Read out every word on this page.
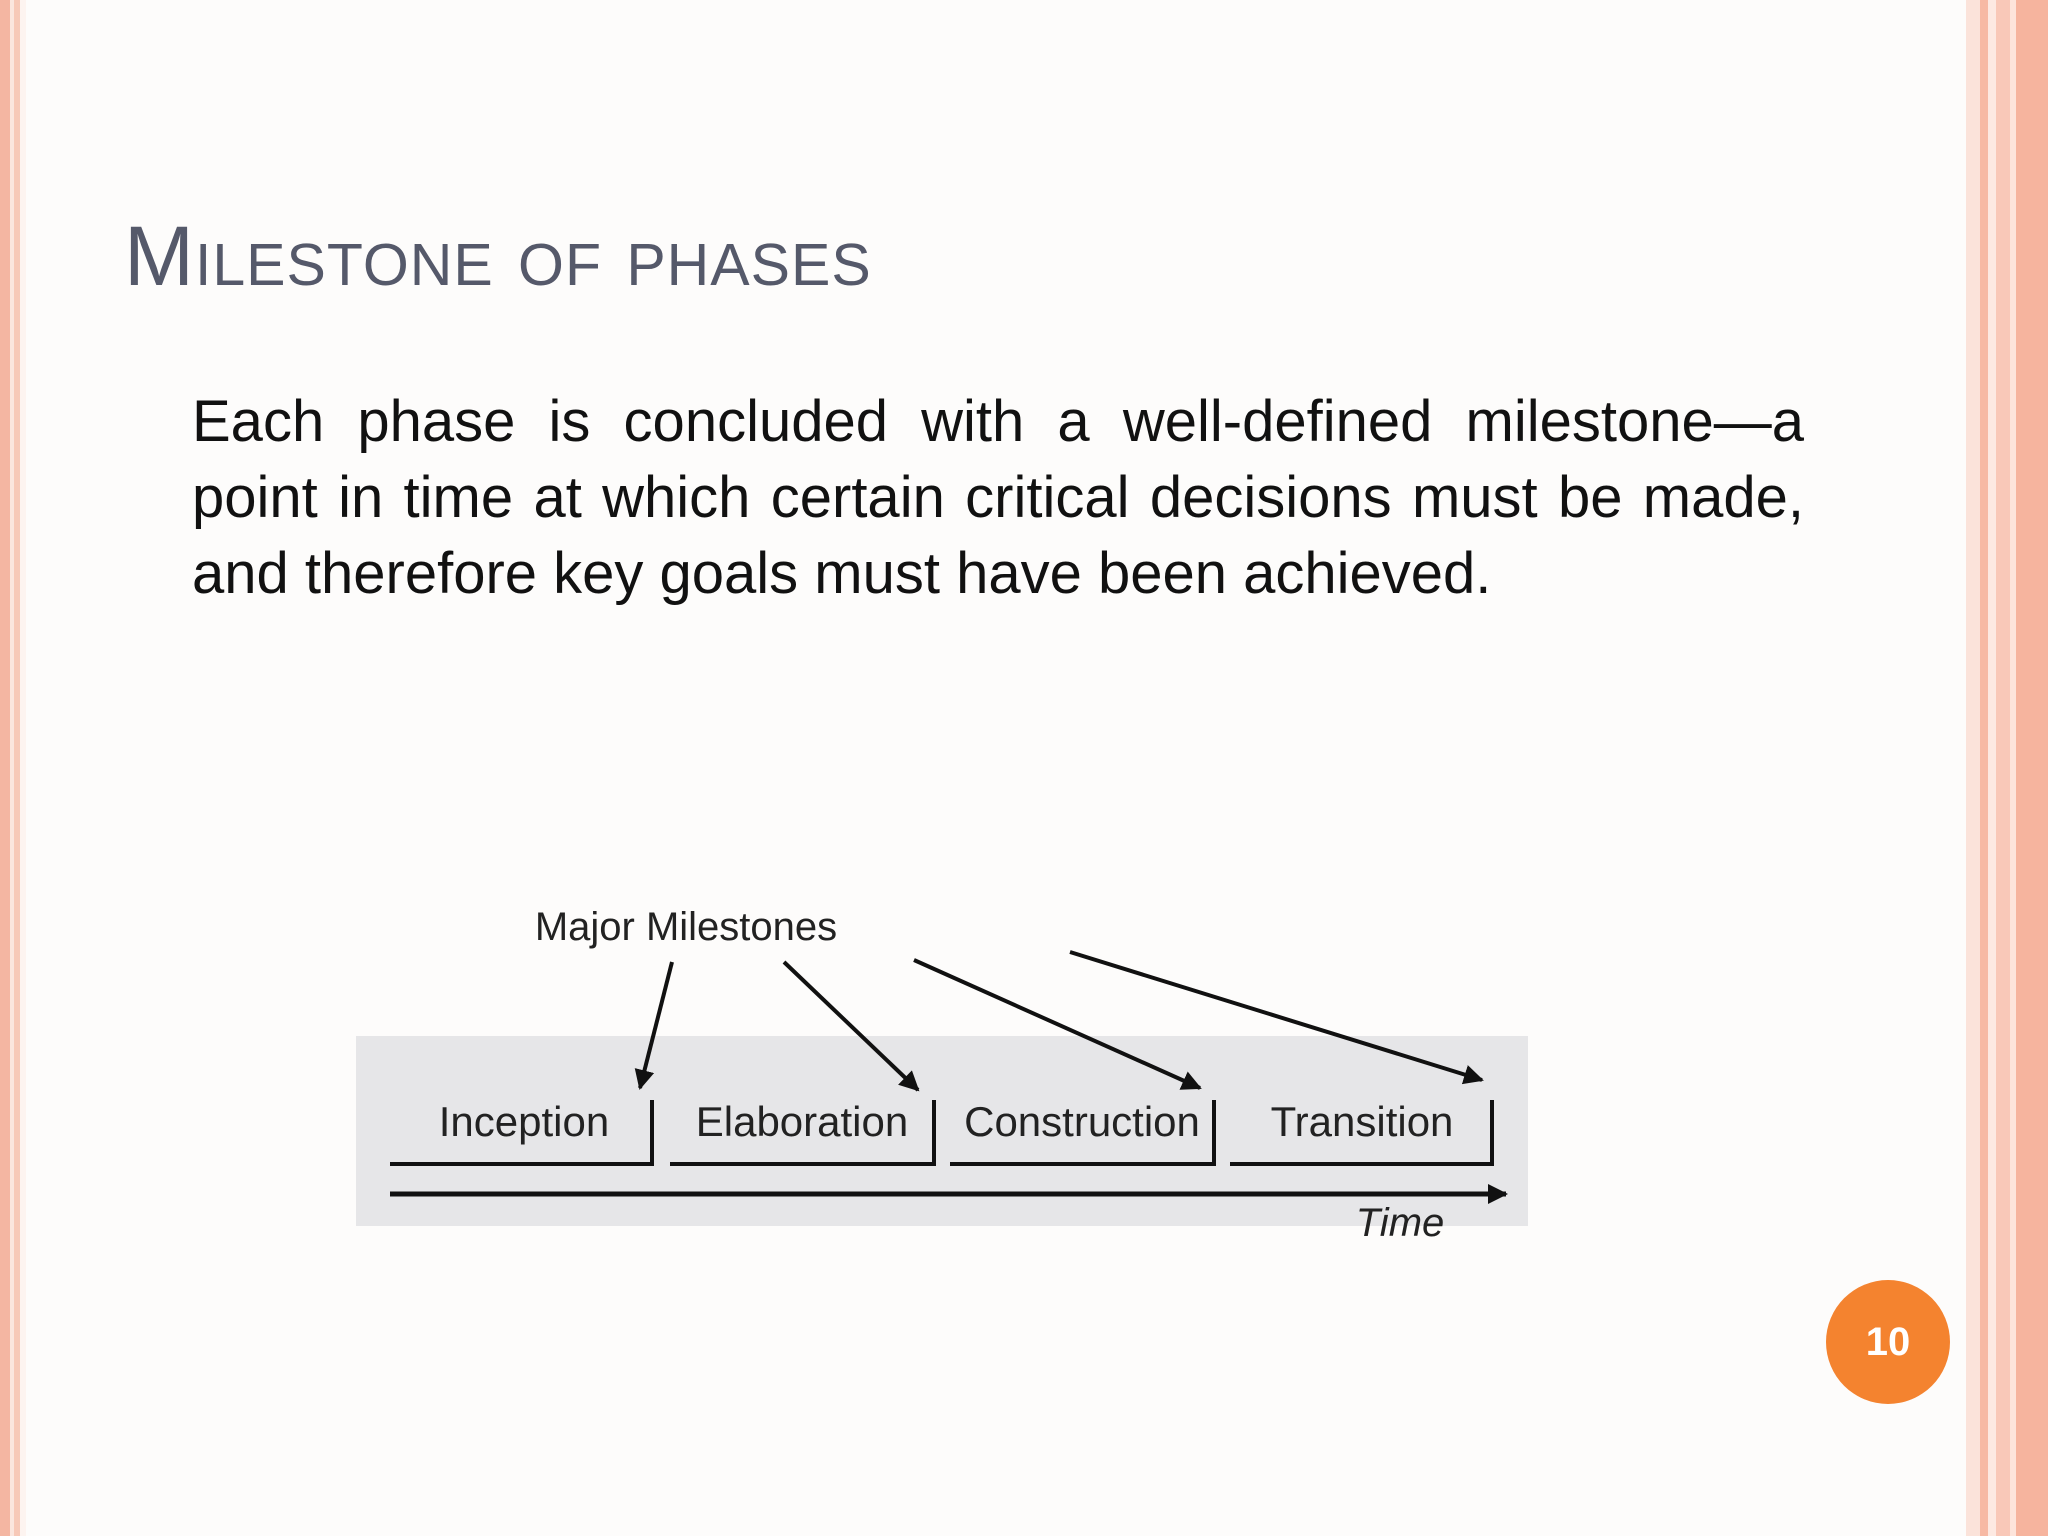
Milestone of phases

Each phase is concluded with a well-defined milestone—a point in time at which certain critical decisions must be made, and therefore key goals must have been achieved.

Major Milestones
Inception Elaboration Construction Transition
Time
10
